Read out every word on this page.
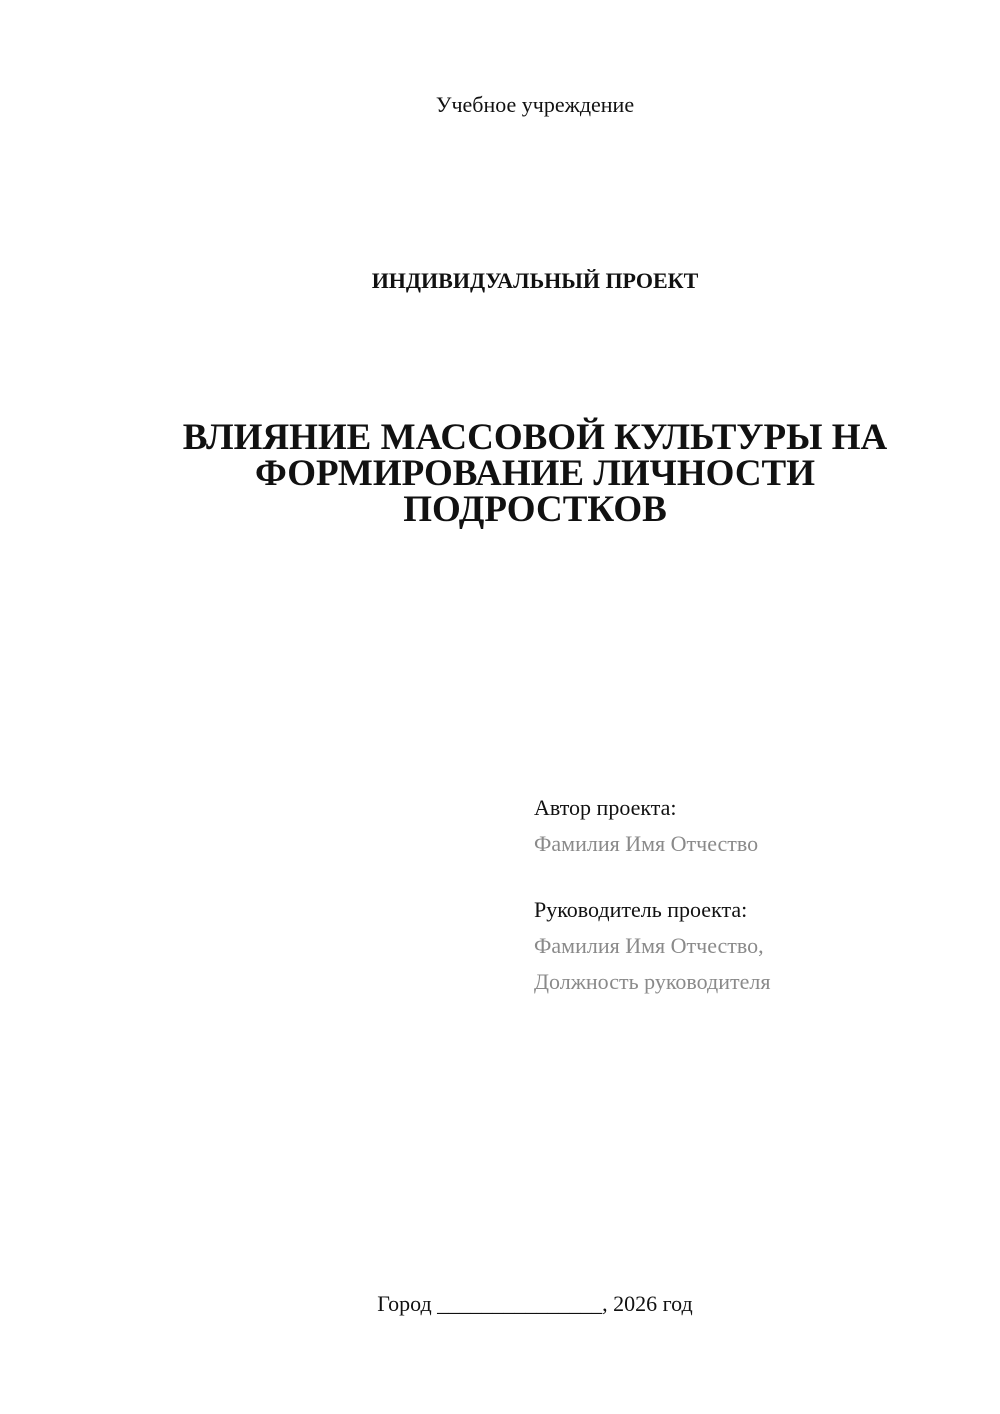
Учебное учреждение
ИНДИВИДУАЛЬНЫЙ ПРОЕКТ
ВЛИЯНИЕ МАССОВОЙ КУЛЬТУРЫ НА
ФОРМИРОВАНИЕ ЛИЧНОСТИ
ПОДРОСТКОВ
Автор проекта:
Фамилия Имя Отчество
Руководитель проекта:
Фамилия Имя Отчество,
Должность руководителя
Город _______________, 2026 год
